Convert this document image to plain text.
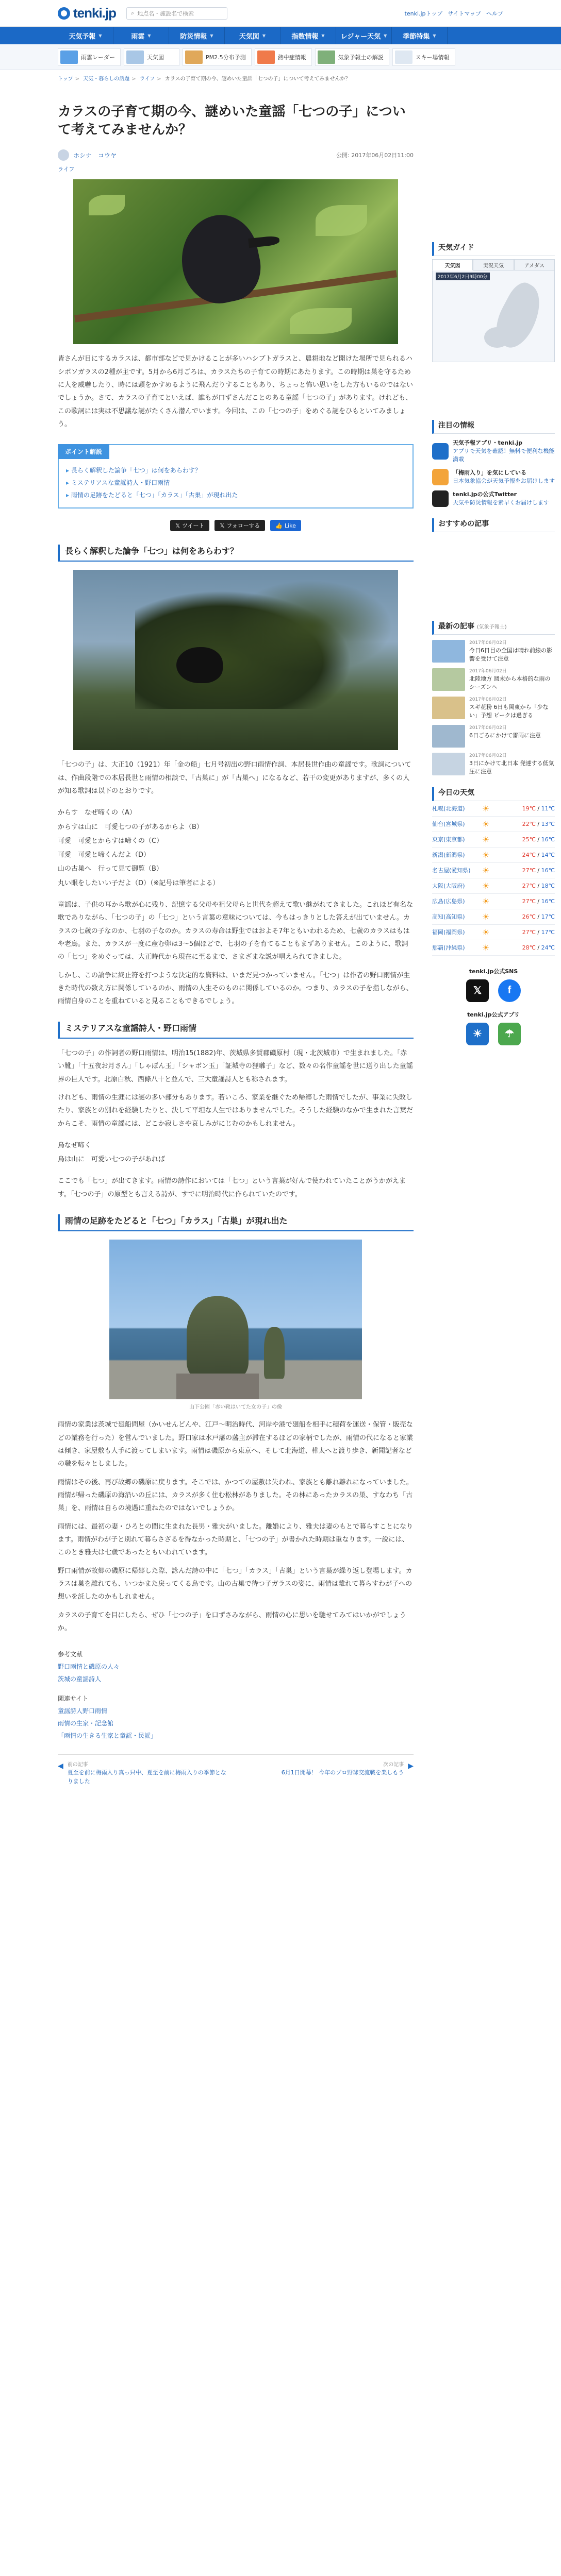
tenki.jp	⌕ 地点名・施設名で検索	tenki.jpトップ サイトマップ ヘルプ
天気予報 ▼	雨雲 ▼	防災情報 ▼	天気図 ▼	指数情報 ▼ レジャー天気 ▼ 季節特集 ▼
雨雲レーダー	天気図	PM2.5分布予測	熱中症情報	気象予報士の解説	スキー場情報
トップ > 天気・暮らしの話題 > ライフ > カラスの子育て期の今、謎めいた童謡「七つの子」について考えてみませんか？
カラスの子育て期の今、謎めいた童謡「七つの子」について考えてみませんか？
ホシナ　コウヤ	公開: 2017年06月02日11:00
ライフ

皆さんが目にするカラスは、都市部などで見かけることが多いハシブトガラスと、農耕地など開けた場所で見られるハシボソガラスの2種が主です。5月から6月ごろは、カラスたちの子育ての時期にあたります。この時期は巣を守るために人を威嚇したり、時には頭をかすめるように飛んだりすることもあり、ちょっと怖い思いをした方もいるのではないでしょうか。さて、カラスの子育てといえば、誰もが口ずさんだことのある童謡「七つの子」があります。けれども、この歌詞には実は不思議な謎がたくさん潜んでいます。今回は、この「七つの子」をめぐる謎をひもといてみましょう。

ポイント解説
▸ 長らく解釈した論争「七つ」は何をあらわす？
▸ ミステリアスな童謡詩人・野口雨情
▸ 雨情の足跡をたどると「七つ」「カラス」「古巣」が現れ出た
𝕏 ツイート	𝕏 フォローする	👍 Like
長らく解釈した論争「七つ」は何をあらわす？

「七つの子」は、大正10（1921）年「金の船」七月号初出の野口雨情作詞、本居長世作曲の童謡です。歌詞については、作曲段階での本居長世と雨情の相談で、「古巣に」が「古巣へ」になるなど、若干の変更がありますが、多くの人が知る歌詞は以下のとおりです。

からす　なぜ啼くの（A）
からすは山に　可愛七つの子があるからよ（B）
可愛　可愛とからすは啼くの（C）
可愛　可愛と啼くんだよ（D）
山の古巣へ　行って見て御覧（B）
丸い眼をしたいい子だよ（D）（※記号は筆者による）

童謡は、子供の耳から歌が心に残り、記憶する父母や祖父母らと世代を超えて歌い継がれてきました。これほど有名な歌でありながら、「七つの子」の「七つ」という言葉の意味については、今もはっきりとした答えが出ていません。カラスの七歳の子なのか、七羽の子なのか。カラスの寿命は野生ではおよそ7年ともいわれるため、七歳のカラスはもはや老鳥。また、カラスが一度に産む卵は3～5個ほどで、七羽の子を育てることもまずありません。このように、歌詞の「七つ」をめぐっては、大正時代から現在に至るまで、さまざまな説が唱えられてきました。

しかし、この論争に終止符を打つような決定的な資料は、いまだ見つかっていません。「七つ」は作者の野口雨情が生きた時代の数え方に関係しているのか、雨情の人生そのものに関係しているのか。つまり、カラスの子を指しながら、雨情自身のことを重ねていると見ることもできるでしょう。

ミステリアスな童謡詩人・野口雨情

「七つの子」の作詞者の野口雨情は、明治15(1882)年、茨城県多賀郡磯原村（現・北茨城市）で生まれました。「赤い靴」「十五夜お月さん」「しゃぼん玉」「シャボン玉」「証城寺の狸囃子」など、数々の名作童謡を世に送り出した童謡界の巨人です。北原白秋、西條八十と並んで、三大童謡詩人とも称されます。

けれども、雨情の生涯には謎の多い部分もあります。若いころ、家業を継ぐため帰郷した雨情でしたが、事業に失敗したり、家族との別れを経験したりと、決して平坦な人生ではありませんでした。そうした経験のなかで生まれた言葉だからこそ、雨情の童謡には、どこか寂しさや哀しみがにじむのかもしれません。

烏なぜ啼く
烏は山に　可愛い七つの子があれば

ここでも「七つ」が出てきます。雨情の詩作においては「七つ」という言葉が好んで使われていたことがうかがえます。「七つの子」の原型とも言える詩が、すでに明治時代に作られていたのです。

雨情の足跡をたどると「七つ」「カラス」「古巣」が現れ出た
山下公園「赤い靴はいてた女の子」の像

雨情の家業は茨城で廻船問屋（かいせんどんや、江戸～明治時代、河岸や港で廻船を相手に積荷を運送・保管・販売などの業務を行った）を営んでいました。野口家は水戸藩の藩主が滞在するほどの家柄でしたが、雨情の代になると家業は傾き、家屋敷も人手に渡ってしまいます。雨情は磯原から東京へ、そして北海道、樺太へと渡り歩き、新聞記者などの職を転々としました。

雨情はその後、再び故郷の磯原に戻ります。そこでは、かつての屋敷は失われ、家族とも離れ離れになっていました。雨情が帰った磯原の海沿いの丘には、カラスが多く住む松林がありました。その林にあったカラスの巣、すなわち「古巣」を、雨情は自らの境遇に重ねたのではないでしょうか。

雨情には、最初の妻・ひろとの間に生まれた長男・雅夫がいました。離婚により、雅夫は妻のもとで暮らすことになります。雨情がわが子と別れて暮らさざるを得なかった時期と、「七つの子」が書かれた時期は重なります。一説には、このとき雅夫は七歳であったともいわれています。

野口雨情が故郷の磯原に帰郷した際、詠んだ詩の中に「七つ」「カラス」「古巣」という言葉が繰り返し登場します。カラスは巣を離れても、いつかまた戻ってくる鳥です。山の古巣で待つ子ガラスの姿に、雨情は離れて暮らすわが子への想いを託したのかもしれません。

カラスの子育てを目にしたら、ぜひ「七つの子」を口ずさみながら、雨情の心に思いを馳せてみてはいかがでしょうか。

参考文献
野口雨情と磯原の人々
茨城の童謡詩人
関連サイト
童謡詩人野口雨情
雨情の生家・記念館
「雨情の生きる生家と童謡・民謡」
◀ 前の記事
夏至を前に梅雨入り真っ只中、夏至を前に梅雨入りの季節となりました
次の記事
6月1日開幕！ 今年のプロ野球交流戦を楽しもう
▶
天気ガイド
天気図	実況天気	アメダス
2017年6月2日9時00分
注目の情報
天気予報アプリ・tenki.jp
アプリで天気を確認！無料で便利な機能満載
「梅雨入り」を気にしている
日本気象協会が天気予報をお届けします
tenki.jpの公式Twitter
天気や防災情報を素早くお届けします
おすすめの記事
最新の記事 (気象予報士)
2017年06月02日
今日6日目の全国は晴れ前線の影響を受けて注意
2017年06月02日
北陸地方 週末から本格的な雨のシーズンへ
2017年06月02日
スギ花粉 6日も関東から「少ない」予想 ピークは過ぎる
2017年06月02日
6日ごろにかけて雷雨に注意
2017年06月02日
3日にかけて北日本 発達する低気圧に注意
今日の天気
札幌(北海道)	☀	19℃ / 11℃
仙台(宮城県)	☀	22℃ / 13℃
東京(東京都)	☀	25℃ / 16℃
新潟(新潟県)	☀	24℃ / 14℃
名古屋(愛知県)	☀	27℃ / 16℃
大阪(大阪府)	☀	27℃ / 18℃
広島(広島県)	☀	27℃ / 16℃
高知(高知県)	☀	26℃ / 17℃
福岡(福岡県)	☀	27℃ / 17℃
那覇(沖縄県)	☀	28℃ / 24℃
tenki.jp公式SNS
𝕏	f
tenki.jp公式アプリ
☀	☂
